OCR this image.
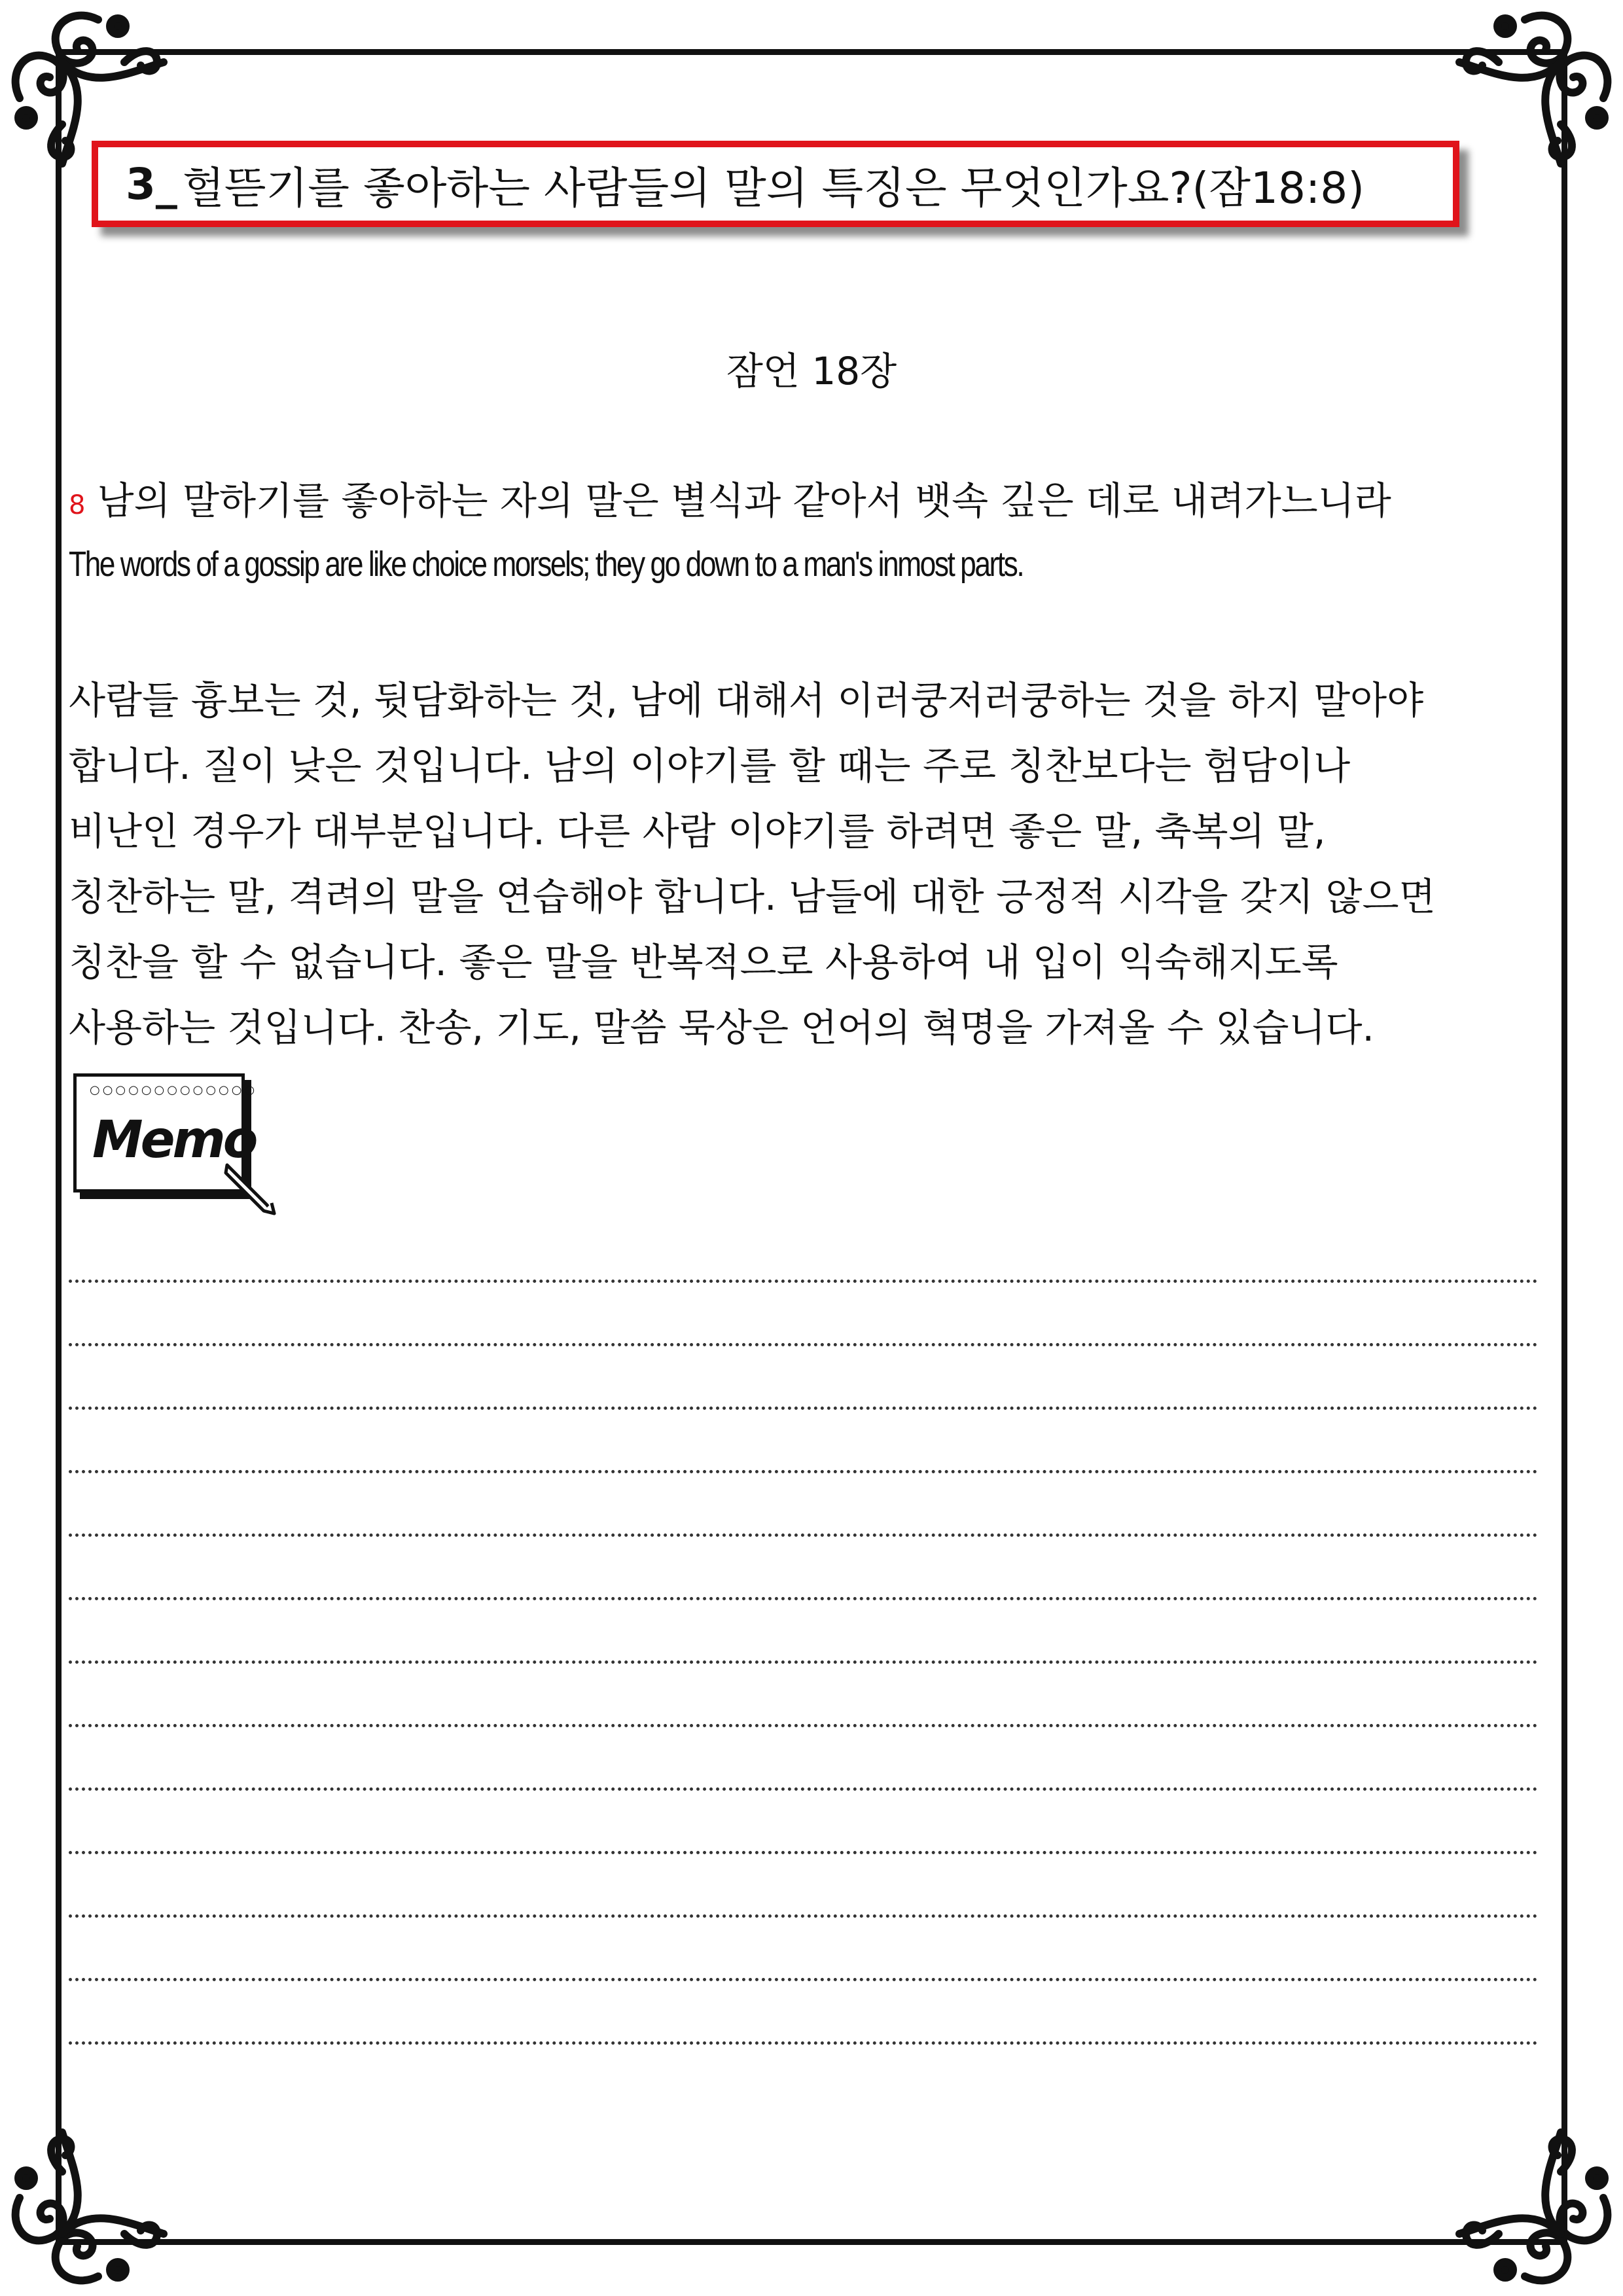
3_ 헐뜯기를 좋아하는 사람들의 말의 특징은 무엇인가요?(잠18:8)
잠언 18장
8 남의 말하기를 좋아하는 자의 말은 별식과 같아서 뱃속 깊은 데로 내려가느니라
The words of a gossip are like choice morsels; they go down to a man's inmost parts.
사람들 흉보는 것, 뒷담화하는 것, 남에 대해서 이러쿵저러쿵하는 것을 하지 말아야
합니다. 질이 낮은 것입니다. 남의 이야기를 할 때는 주로 칭찬보다는 험담이나
비난인 경우가 대부분입니다. 다른 사람 이야기를 하려면 좋은 말, 축복의 말,
칭찬하는 말, 격려의 말을 연습해야 합니다. 남들에 대한 긍정적 시각을 갖지 않으면
칭찬을 할 수 없습니다. 좋은 말을 반복적으로 사용하여 내 입이 익숙해지도록
사용하는 것입니다. 찬송, 기도, 말씀 묵상은 언어의 혁명을 가져올 수 있습니다.
○○○○○○○○○○○○○
Memo
